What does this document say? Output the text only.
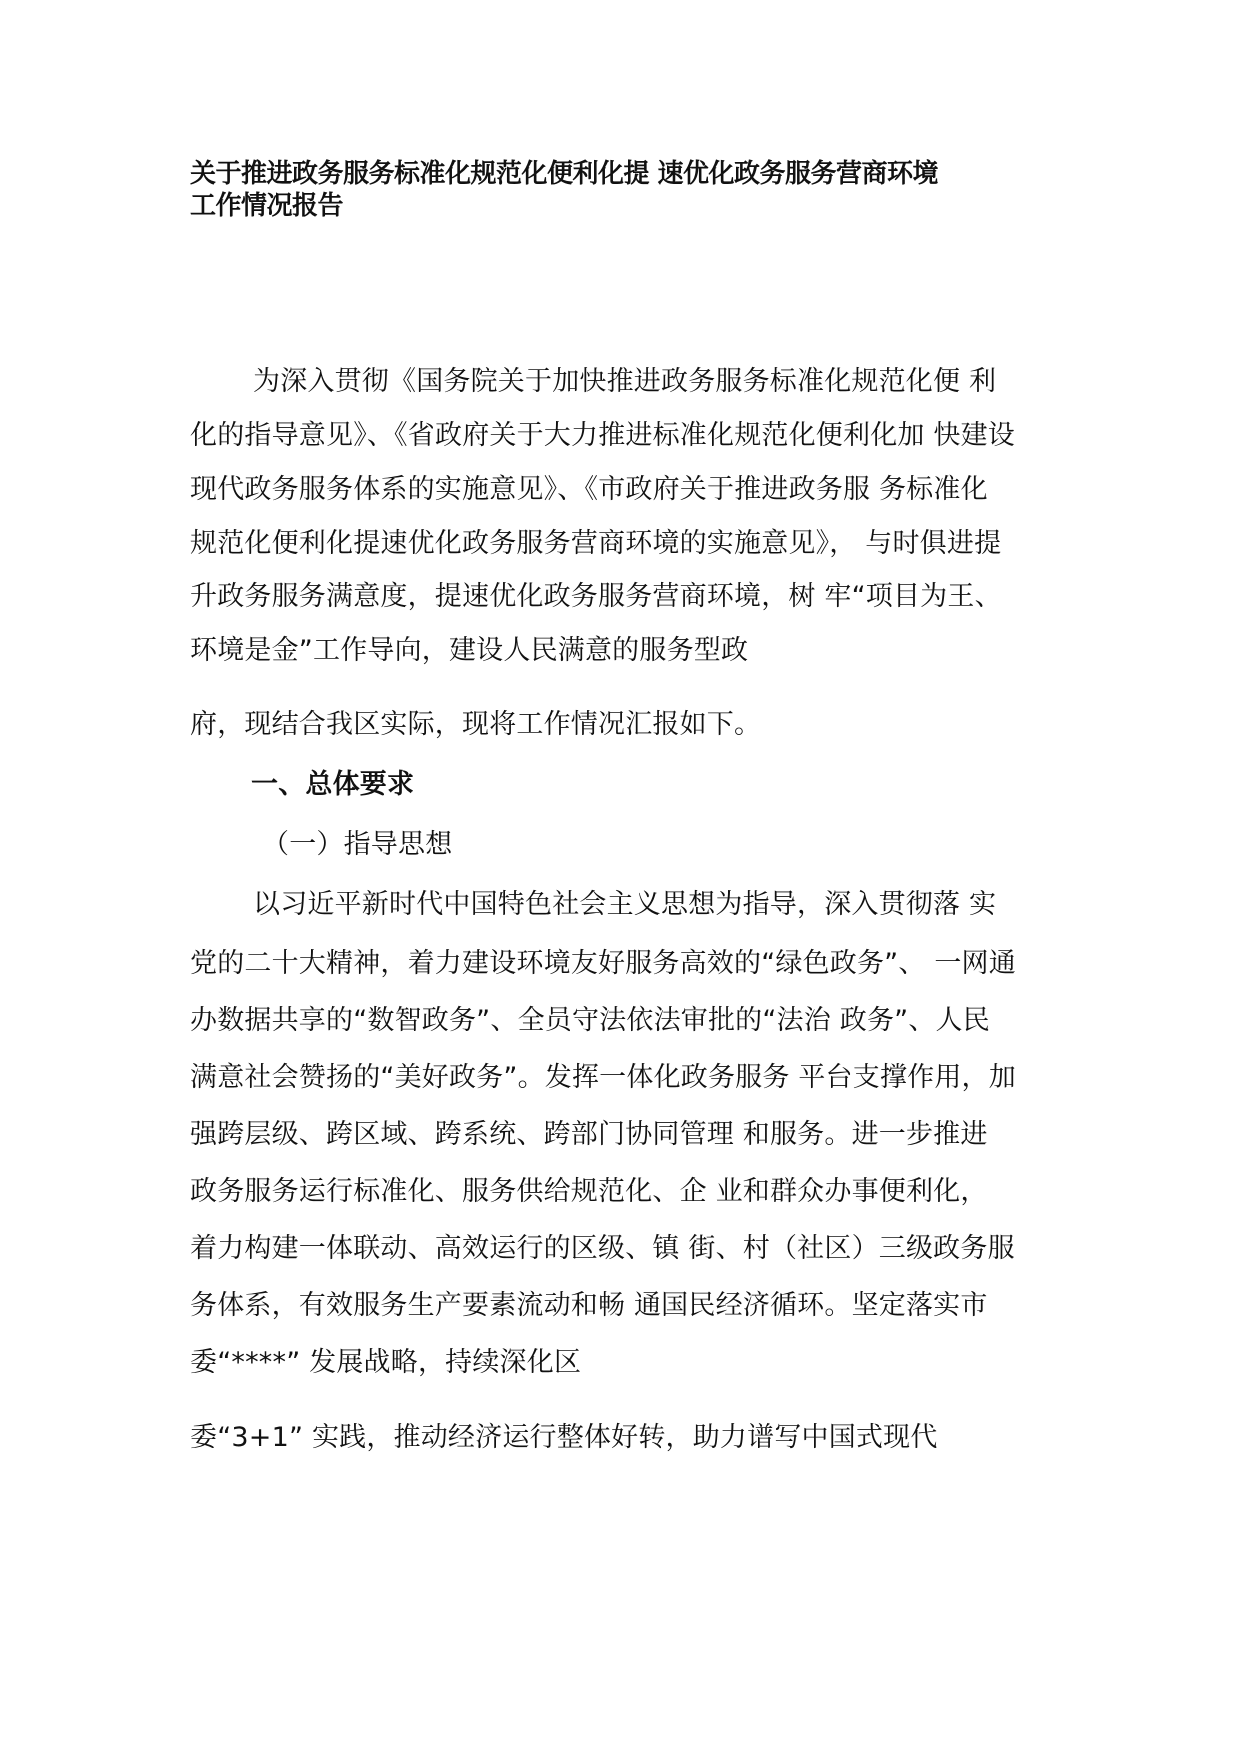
关于推进政务服务标准化规范化便利化提 速优化政务服务营商环境
工作情况报告

为深入贯彻《国务院关于加快推进政务服务标准化规范化便 利

化的指导意见》、《省政府关于大力推进标准化规范化便利化加 快建设

现代政务服务体系的实施意见》、《市政府关于推进政务服 务标准化

规范化便利化提速优化政务服务营商环境的实施意见》， 与时俱进提

升政务服务满意度，提速优化政务服务营商环境，树 牢“项目为王、

环境是金”工作导向，建设人民满意的服务型政

府，现结合我区实际，现将工作情况汇报如下。

一、总体要求

（一）指导思想

以习近平新时代中国特色社会主义思想为指导，深入贯彻落 实

党的二十大精神，着力建设环境友好服务高效的“绿色政务”、 一网通

办数据共享的“数智政务”、全员守法依法审批的“法治 政务”、人民

满意社会赞扬的“美好政务”。发挥一体化政务服务 平台支撑作用，加

强跨层级、跨区域、跨系统、跨部门协同管理 和服务。进一步推进

政务服务运行标准化、服务供给规范化、企 业和群众办事便利化，

着力构建一体联动、高效运行的区级、镇 街、村（社区）三级政务服

务体系，有效服务生产要素流动和畅 通国民经济循环。坚定落实市

委“****” 发展战略，持续深化区

委“3+1” 实践，推动经济运行整体好转，助力谱写中国式现代
